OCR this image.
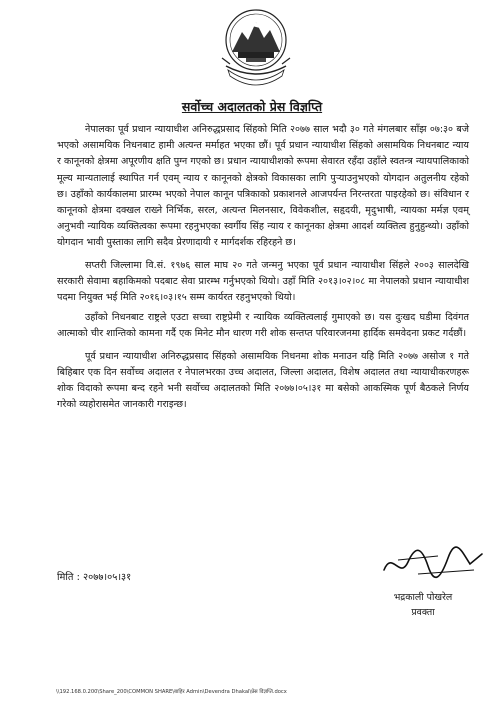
सर्वोच्च अदालतको प्रेस विज्ञप्ति

नेपालका पूर्व प्रधान न्यायाधीश अनिरुद्धप्रसाद सिंहको मिति २०७७ साल भदौ ३० गते मंगलबार साँझ ०७:३० बजे भएको असामयिक निधनबाट हामी अत्यन्त मर्माहत भएका छौं। पूर्व प्रधान न्यायाधीश सिंहको असामयिक निधनबाट न्याय र कानूनको क्षेत्रमा अपूरणीय क्षति पुग्न गएको छ। प्रधान न्यायाधीशको रूपमा सेवारत रहँदा उहाँले स्वतन्त्र न्यायपालिकाको मूल्य मान्यतालाई स्थापित गर्न एवम् न्याय र कानूनको क्षेत्रको विकासका लागि पुऱ्याउनुभएको योगदान अतुलनीय रहेको छ। उहाँको कार्यकालमा प्रारम्भ भएको नेपाल कानून पत्रिकाको प्रकाशनले आजपर्यन्त निरन्तरता पाइरहेको छ। संविधान र कानूनको क्षेत्रमा दक्खल राख्ने निर्भिक, सरल, अत्यन्त मिलनसार, विवेकशील, सहृदयी, मृदुभाषी, न्यायका मर्मज्ञ एवम् अनुभवी न्यायिक व्यक्तित्वका रूपमा रहनुभएका स्वर्गीय सिंह न्याय र कानूनका क्षेत्रमा आदर्श व्यक्तित्व हुनुहुन्थ्यो। उहाँको योगदान भावी पुस्ताका लागि सदैव प्रेरणादायी र मार्गदर्शक रहिरहने छ।

सप्तरी जिल्लामा वि.सं. १९७६ साल माघ २० गते जन्मनु भएका पूर्व प्रधान न्यायाधीश सिंहले २००३ सालदेखि सरकारी सेवामा बहाकिमको पदबाट सेवा प्रारम्भ गर्नुभएको थियो। उहाँ मिति २०१३।०२।०८ मा नेपालको प्रधान न्यायाधीश पदमा नियुक्त भई मिति २०१६।०३।१५ सम्म कार्यरत रहनुभएको थियो।

उहाँको निधनबाट राष्ट्रले एउटा सच्चा राष्ट्रप्रेमी र न्यायिक व्यक्तित्वलाई गुमाएको छ। यस दुःखद घडीमा दिवंगत आत्माको चीर शान्तिको कामना गर्दै एक मिनेट मौन धारण गरी शोक सन्तप्त परिवारजनमा हार्दिक समवेदना प्रकट गर्दछौं।

पूर्व प्रधान न्यायाधीश अनिरुद्धप्रसाद सिंहको असामयिक निधनमा शोक मनाउन यहि मिति २०७७ असोज १ गते बिहिबार एक दिन सर्वोच्च अदालत र नेपालभरका उच्च अदालत, जिल्ला अदालत, विशेष अदालत तथा न्यायाधीकरणहरू शोक विदाको रूपमा बन्द रहने भनी सर्वोच्च अदालतको मिति २०७७।०५।३१ मा बसेको आकस्मिक पूर्ण बैठकले निर्णय गरेको व्यहोरासमेत जानकारी गराइन्छ।

मिति : २०७७।०५।३१
भद्रकाली पोखरेल
प्रवक्ता
\\192.168.0.200\Share_200\COMMON SHARE\बाहिर Admin\Devendra Dhakal\प्रेस विज्ञप्ति.docx
